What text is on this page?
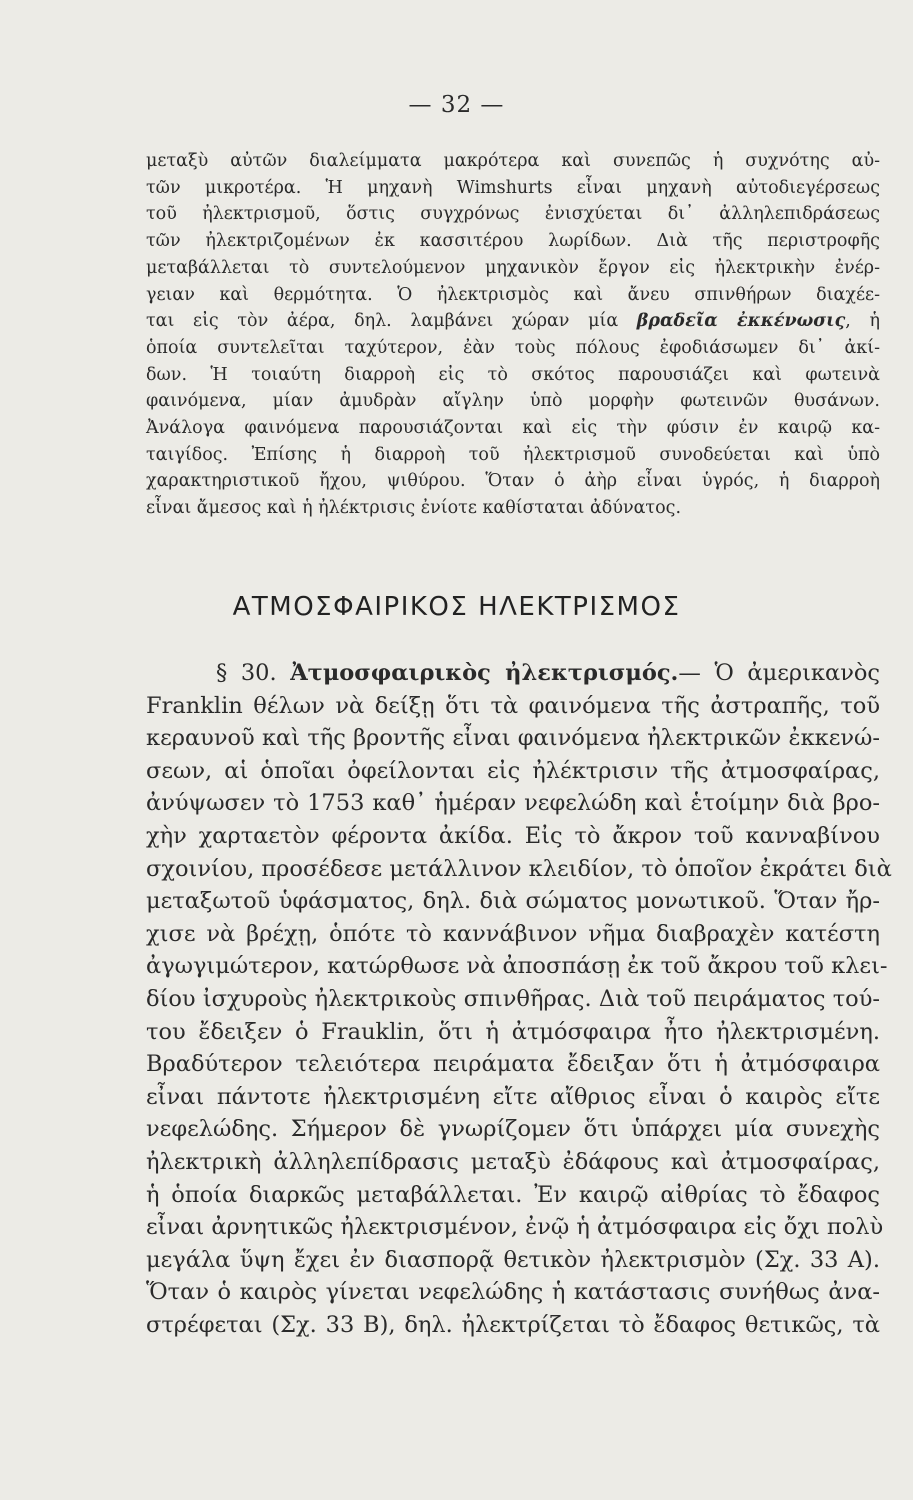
— 32 —
μεταξὺ αὐτῶν διαλείμματα μακρότερα καὶ συνεπῶς ἡ συχνότης αὐ-
τῶν μικροτέρα. Ἡ μηχανὴ Wimshurts εἶναι μηχανὴ αὐτοδιεγέρσεως
τοῦ ἠλεκτρισμοῦ, ὅστις συγχρόνως ἐνισχύεται δι᾿ ἀλληλεπιδράσεως
τῶν ἠλεκτριζομένων ἐκ κασσιτέρου λωρίδων. Διὰ τῆς περιστροφῆς
μεταβάλλεται τὸ συντελούμενον μηχανικὸν ἔργον εἰς ἠλεκτρικὴν ἐνέρ-
γειαν καὶ θερμότητα. Ὁ ἠλεκτρισμὸς καὶ ἄνευ σπινθήρων διαχέε-
ται εἰς τὸν ἀέρα, δηλ. λαμβάνει χώραν μία βραδεῖα ἐκκένωσις, ἡ
ὁποία συντελεῖται ταχύτερον, ἐὰν τοὺς πόλους ἐφοδιάσωμεν δι᾿ ἀκί-
δων. Ἡ τοιαύτη διαρροὴ εἰς τὸ σκότος παρουσιάζει καὶ φωτεινὰ
φαινόμενα, μίαν ἀμυδρὰν αἴγλην ὑπὸ μορφὴν φωτεινῶν θυσάνων.
Ἀνάλογα φαινόμενα παρουσιάζονται καὶ εἰς τὴν φύσιν ἐν καιρῷ κα-
ταιγίδος. Ἐπίσης ἡ διαρροὴ τοῦ ἠλεκτρισμοῦ συνοδεύεται καὶ ὑπὸ
χαρακτηριστικοῦ ἤχου, ψιθύρου. Ὅταν ὁ ἀὴρ εἶναι ὑγρός, ἡ διαρροὴ
εἶναι ἄμεσος καὶ ἡ ἠλέκτρισις ἐνίοτε καθίσταται ἀδύνατος.
ΑΤΜΟΣΦΑΙΡΙΚΟΣ ΗΛΕΚΤΡΙΣΜΟΣ
§ 30. Ἀτμοσφαιρικὸς ἠλεκτρισμός.— Ὁ ἀμερικανὸς
Franklin θέλων νὰ δείξῃ ὅτι τὰ φαινόμενα τῆς ἀστραπῆς, τοῦ
κεραυνοῦ καὶ τῆς βροντῆς εἶναι φαινόμενα ἠλεκτρικῶν ἐκκενώ-
σεων, αἱ ὁποῖαι ὀφείλονται εἰς ἠλέκτρισιν τῆς ἀτμοσφαίρας,
ἀνύψωσεν τὸ 1753 καθ᾿ ἡμέραν νεφελώδη καὶ ἑτοίμην διὰ βρο-
χὴν χαρταετὸν φέροντα ἀκίδα. Εἰς τὸ ἄκρον τοῦ κανναβίνου
σχοινίου, προσέδεσε μετάλλινον κλειδίον, τὸ ὁποῖον ἐκράτει διὰ
μεταξωτοῦ ὑφάσματος, δηλ. διὰ σώματος μονωτικοῦ. Ὅταν ἤρ-
χισε νὰ βρέχῃ, ὁπότε τὸ καννάβινον νῆμα διαβραχὲν κατέστη
ἀγωγιμώτερον, κατώρθωσε νὰ ἀποσπάσῃ ἐκ τοῦ ἄκρου τοῦ κλει-
δίου ἰσχυροὺς ἠλεκτρικοὺς σπινθῆρας. Διὰ τοῦ πειράματος τού-
του ἔδειξεν ὁ Frauklin, ὅτι ἡ ἀτμόσφαιρα ἦτο ἠλεκτρισμένη.
Βραδύτερον τελειότερα πειράματα ἔδειξαν ὅτι ἡ ἀτμόσφαιρα
εἶναι πάντοτε ἠλεκτρισμένη εἴτε αἴθριος εἶναι ὁ καιρὸς εἴτε
νεφελώδης. Σήμερον δὲ γνωρίζομεν ὅτι ὑπάρχει μία συνεχὴς
ἠλεκτρικὴ ἀλληλεπίδρασις μεταξὺ ἐδάφους καὶ ἀτμοσφαίρας,
ἡ ὁποία διαρκῶς μεταβάλλεται. Ἐν καιρῷ αἰθρίας τὸ ἔδαφος
εἶναι ἀρνητικῶς ἠλεκτρισμένον, ἐνῷ ἡ ἀτμόσφαιρα εἰς ὄχι πολὺ
μεγάλα ὕψη ἔχει ἐν διασπορᾷ θετικὸν ἠλεκτρισμὸν (Σχ. 33 Α).
Ὅταν ὁ καιρὸς γίνεται νεφελώδης ἡ κατάστασις συνήθως ἀνα-
στρέφεται (Σχ. 33 Β), δηλ. ἠλεκτρίζεται τὸ ἔδαφος θετικῶς, τὰ
